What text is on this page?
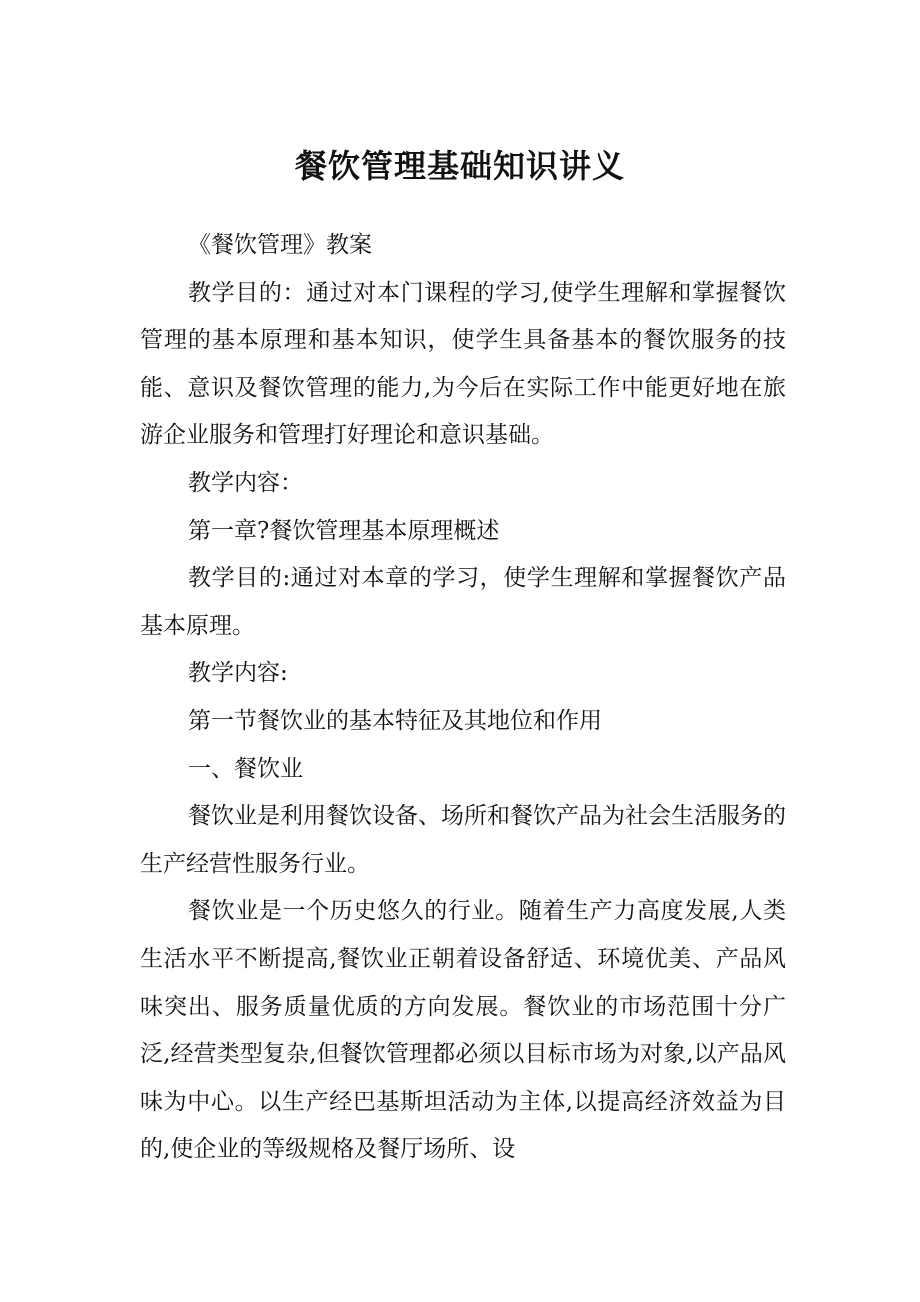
餐饮管理基础知识讲义

《餐饮管理》教案

教学目的：通过对本门课程的学习,使学生理解和掌握餐饮管理的基本原理和基本知识，使学生具备基本的餐饮服务的技能、意识及餐饮管理的能力,为今后在实际工作中能更好地在旅游企业服务和管理打好理论和意识基础。

教学内容：

第一章?餐饮管理基本原理概述

教学目的:通过对本章的学习，使学生理解和掌握餐饮产品基本原理。

教学内容:

第一节餐饮业的基本特征及其地位和作用

一、餐饮业

餐饮业是利用餐饮设备、场所和餐饮产品为社会生活服务的生产经营性服务行业。

餐饮业是一个历史悠久的行业。随着生产力高度发展,人类生活水平不断提高,餐饮业正朝着设备舒适、环境优美、产品风味突出、服务质量优质的方向发展。餐饮业的市场范围十分广泛,经营类型复杂,但餐饮管理都必须以目标市场为对象,以产品风味为中心。以生产经巴基斯坦活动为主体,以提高经济效益为目的,使企业的等级规格及餐厅场所、设
